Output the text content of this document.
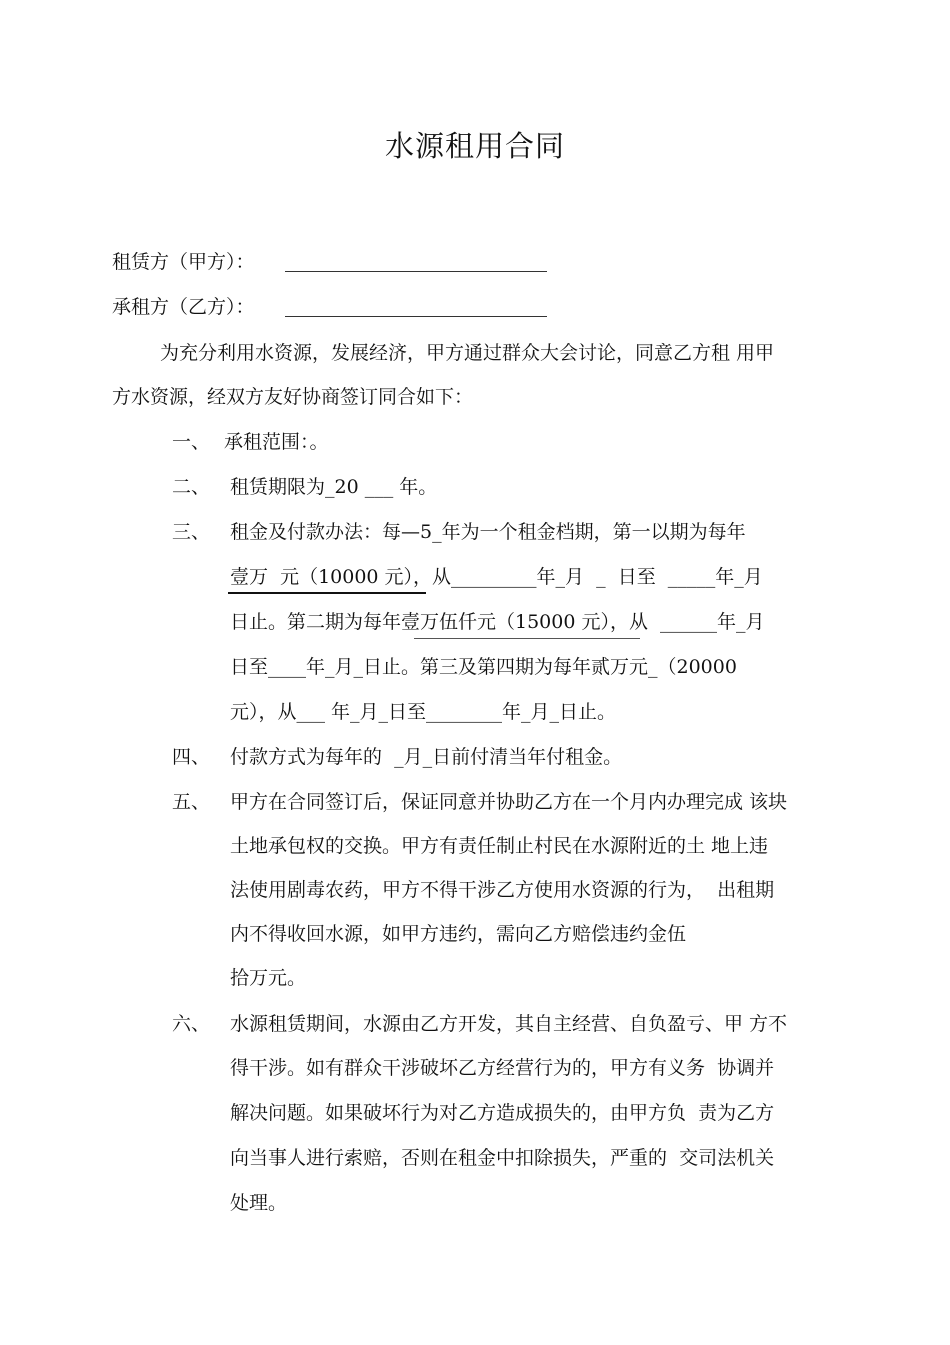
水源租用合同
租赁方（甲方）：
承租方（乙方）：
为充分利用水资源，发展经济，甲方通过群众大会讨论，同意乙方租 用甲
方水资源，经双方友好协商签订同合如下：
一、 承租范围：。
二、 租赁期限为_20 ___ 年。
三、 租金及付款办法：每—5_年为一个租金档期，第一以期为每年
壹万  元（10000 元），从_________年_月  _  日至  _____年_月
日止。第二期为每年壹万伍仟元（15000 元），从  ______年_月
日至____年_月_日止。第三及第四期为每年贰万元_（20000
元），从___ 年_月_日至________年_月_日止。
四、 付款方式为每年的  _月_日前付清当年付租金。
五、 甲方在合同签订后，保证同意并协助乙方在一个月内办理完成 该块
土地承包权的交换。甲方有责任制止村民在水源附近的土 地上违
法使用剧毒农药，甲方不得干涉乙方使用水资源的行为，  出租期
内不得收回水源，如甲方违约，需向乙方赔偿违约金伍
拾万元。
六、 水源租赁期间，水源由乙方开发，其自主经营、自负盈亏、甲 方不
得干涉。如有群众干涉破坏乙方经营行为的，甲方有义务  协调并
解决问题。如果破坏行为对乙方造成损失的，由甲方负  责为乙方
向当事人进行索赔，否则在租金中扣除损失，严重的  交司法机关
处理。
